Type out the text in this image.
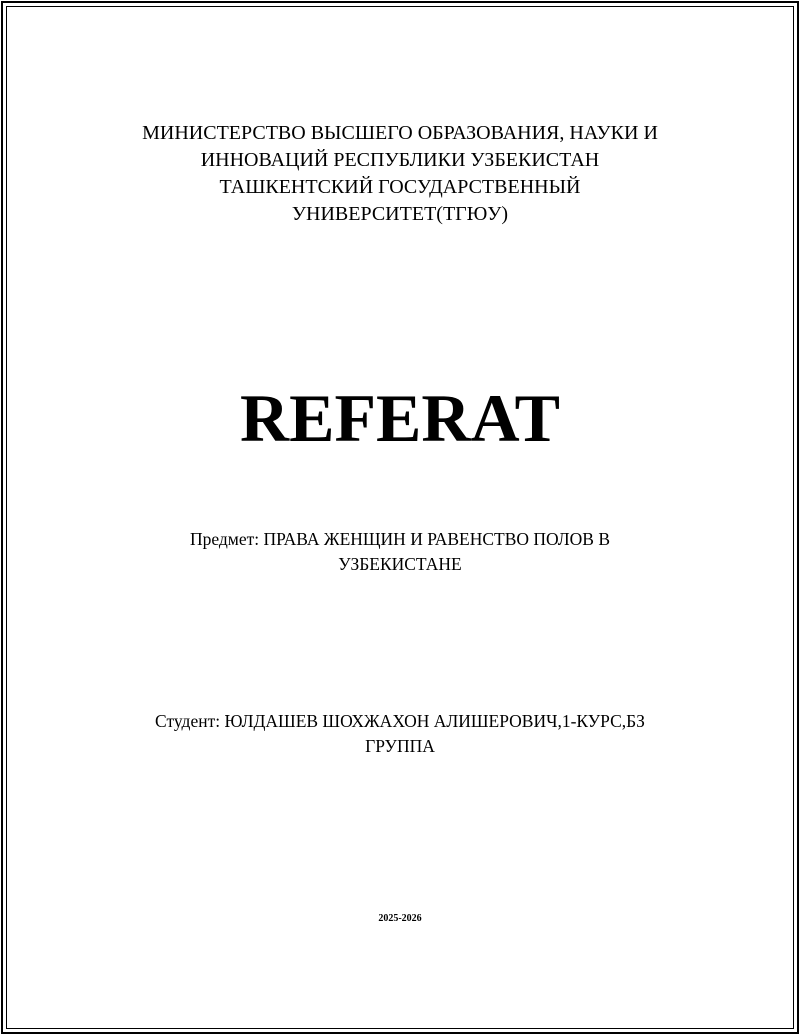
МИНИСТЕРСТВО ВЫСШЕГО ОБРАЗОВАНИЯ, НАУКИ И
ИННОВАЦИЙ РЕСПУБЛИКИ УЗБЕКИСТАН
ТАШКЕНТСКИЙ ГОСУДАРСТВЕННЫЙ
УНИВЕРСИТЕТ(ТГЮУ)
REFERAT
Предмет: ПРАВА ЖЕНЩИН И РАВЕНСТВО ПОЛОВ В УЗБЕКИСТАНЕ
Студент: ЮЛДАШЕВ ШОХЖАХОН АЛИШЕРОВИЧ,1-КУРС,БЗ ГРУППА
2025-2026
